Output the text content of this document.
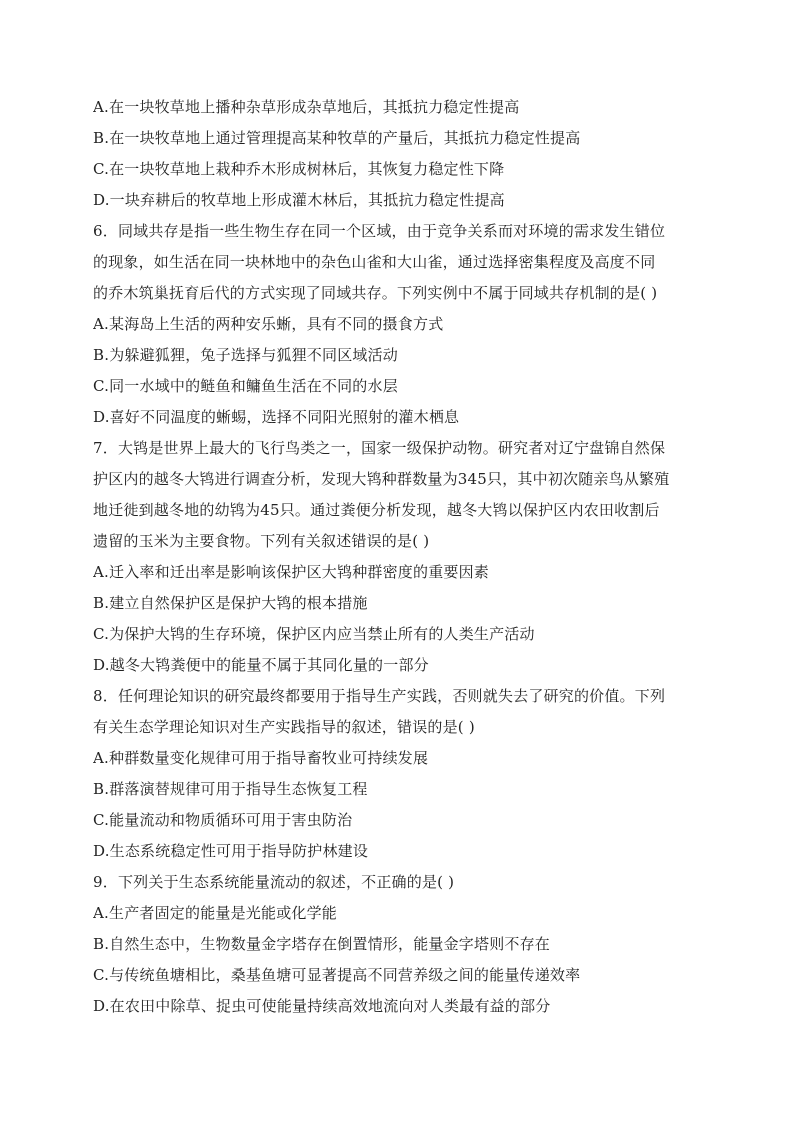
A.在一块牧草地上播种杂草形成杂草地后，其抵抗力稳定性提高
B.在一块牧草地上通过管理提高某种牧草的产量后，其抵抗力稳定性提高
C.在一块牧草地上栽种乔木形成树林后，其恢复力稳定性下降
D.一块弃耕后的牧草地上形成灌木林后，其抵抗力稳定性提高
6．同域共存是指一些生物生存在同一个区域，由于竞争关系而对环境的需求发生错位
的现象，如生活在同一块林地中的杂色山雀和大山雀，通过选择密集程度及高度不同
的乔木筑巢抚育后代的方式实现了同域共存。下列实例中不属于同域共存机制的是( )
A.某海岛上生活的两种安乐蜥，具有不同的摄食方式
B.为躲避狐狸，兔子选择与狐狸不同区域活动
C.同一水域中的鲢鱼和鳙鱼生活在不同的水层
D.喜好不同温度的蜥蜴，选择不同阳光照射的灌木栖息
7．大鸨是世界上最大的飞行鸟类之一，国家一级保护动物。研究者对辽宁盘锦自然保
护区内的越冬大鸨进行调查分析，发现大鸨种群数量为345只，其中初次随亲鸟从繁殖
地迁徙到越冬地的幼鸨为45只。通过粪便分析发现，越冬大鸨以保护区内农田收割后
遗留的玉米为主要食物。下列有关叙述错误的是( )
A.迁入率和迁出率是影响该保护区大鸨种群密度的重要因素
B.建立自然保护区是保护大鸨的根本措施
C.为保护大鸨的生存环境，保护区内应当禁止所有的人类生产活动
D.越冬大鸨粪便中的能量不属于其同化量的一部分
8．任何理论知识的研究最终都要用于指导生产实践，否则就失去了研究的价值。下列
有关生态学理论知识对生产实践指导的叙述，错误的是( )
A.种群数量变化规律可用于指导畜牧业可持续发展
B.群落演替规律可用于指导生态恢复工程
C.能量流动和物质循环可用于害虫防治
D.生态系统稳定性可用于指导防护林建设
9．下列关于生态系统能量流动的叙述，不正确的是( )
A.生产者固定的能量是光能或化学能
B.自然生态中，生物数量金字塔存在倒置情形，能量金字塔则不存在
C.与传统鱼塘相比，桑基鱼塘可显著提高不同营养级之间的能量传递效率
D.在农田中除草、捉虫可使能量持续高效地流向对人类最有益的部分
